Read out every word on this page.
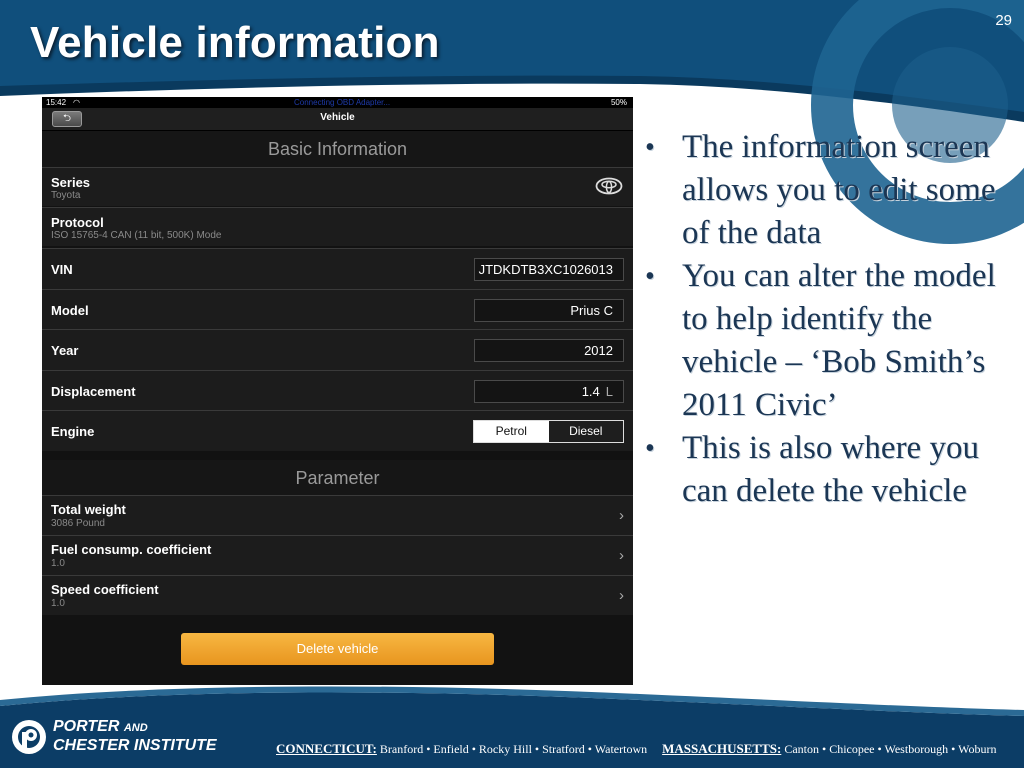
Vehicle information	29
15:42 ◠	Connecting OBD Adapter...	50%
⮌	Vehicle
Basic Information
Series
Toyota
Protocol
ISO 15765-4 CAN (11 bit, 500K) Mode
VIN	JTDKDTB3XC1026013
Model	Prius C
Year	2012
Displacement	1.4 L
Engine	Petrol	Diesel
Parameter
Total weight
3086 Pound	›
Fuel consump. coefficient
1.0	›
Speed coefficient
1.0	›
Delete vehicle
• The information screen allows you to edit some of the data
• You can alter the model to help identify the vehicle – ‘Bob Smith’s 2011 Civic’
• This is also where you can delete the vehicle
PORTER AND
CHESTER INSTITUTE	CONNECTICUT: Branford • Enfield • Rocky Hill • Stratford • Watertown MASSACHUSETTS: Canton • Chicopee • Westborough • Woburn
